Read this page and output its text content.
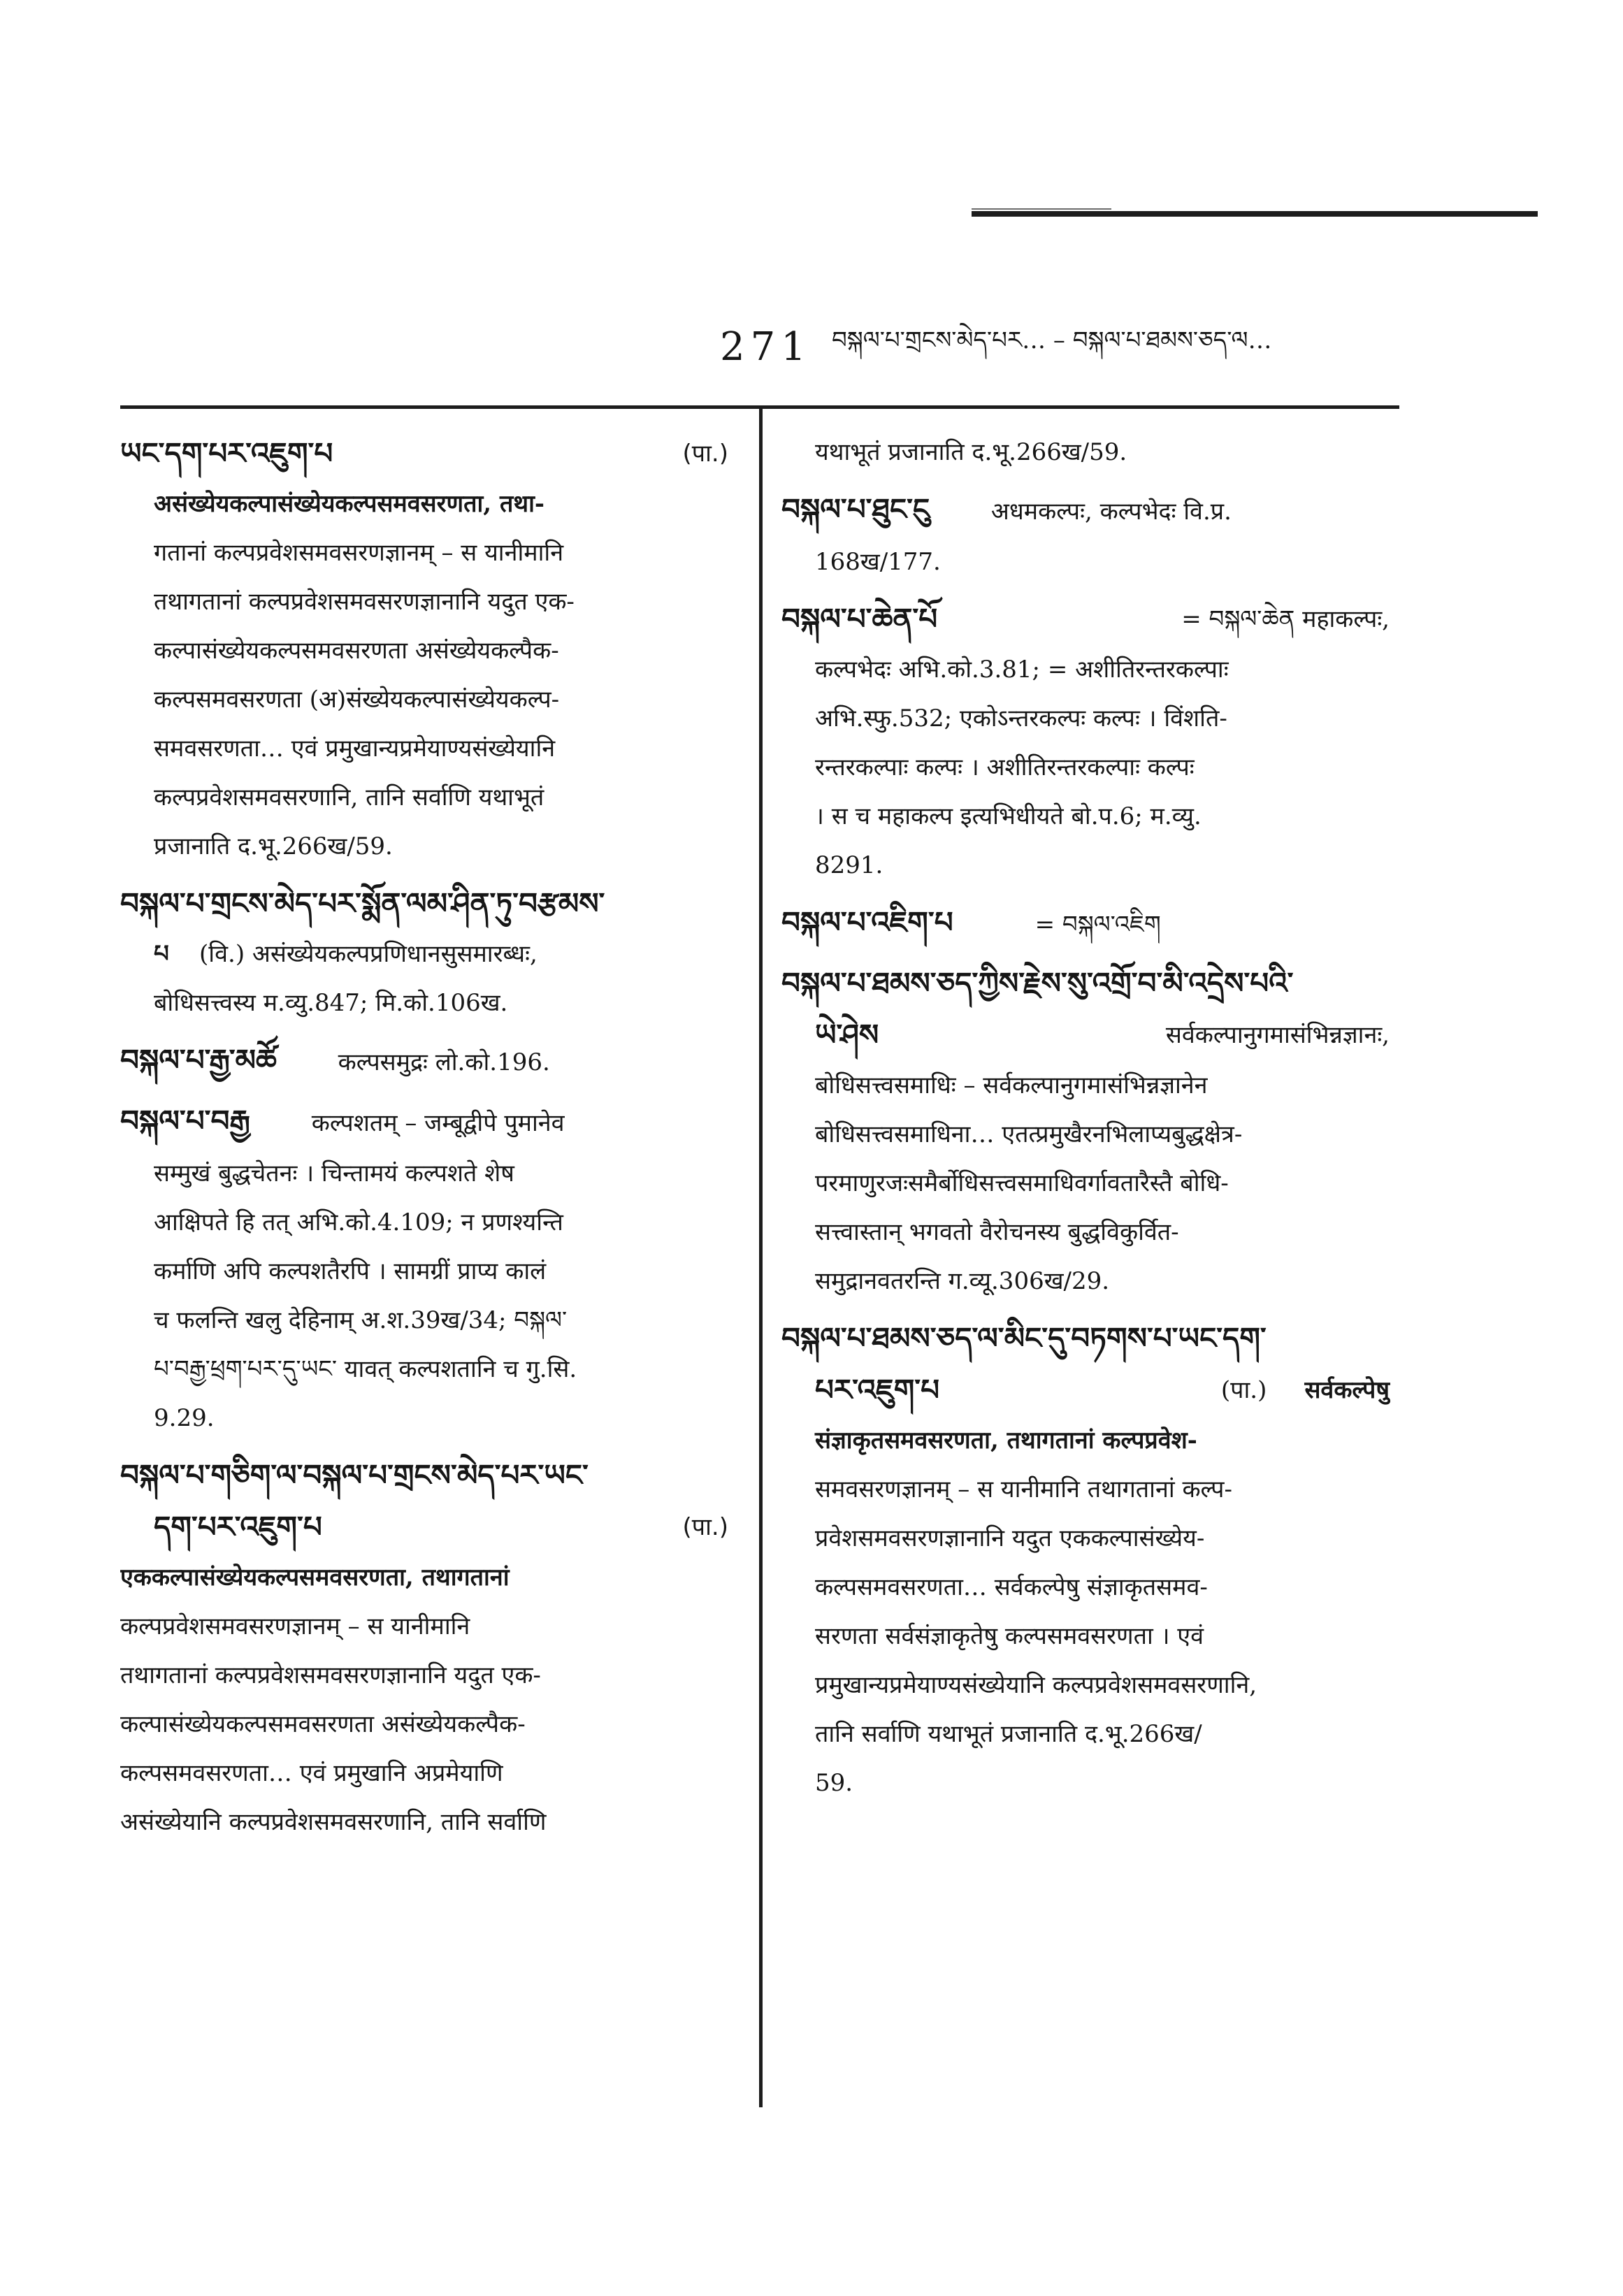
271 བསྐལ་པ་གྲངས་མེད་པར… – བསྐལ་པ་ཐམས་ཅད་ལ…
(पा.)
ཡང་དག་པར་འཇུག་པ
असंख्येयकल्पासंख्येयकल्पसमवसरणता, तथा-
गतानां कल्पप्रवेशसमवसरणज्ञानम् – स यानीमानि
तथागतानां कल्पप्रवेशसमवसरणज्ञानानि यदुत एक-
कल्पासंख्येयकल्पसमवसरणता असंख्येयकल्पैक-
कल्पसमवसरणता (अ)संख्येयकल्पासंख्येयकल्प-
समवसरणता… एवं प्रमुखान्यप्रमेयाण्यसंख्येयानि
कल्पप्रवेशसमवसरणानि, तानि सर्वाणि यथाभूतं
प्रजानाति द.भू.266ख/59.
བསྐལ་པ་གྲངས་མེད་པར་སྨོན་ལམ་ཤིན་ཏུ་བརྩམས་
པ (वि.) असंख्येयकल्पप्रणिधानसुसमारब्धः,
बोधिसत्त्वस्य म.व्यु.847; मि.को.106ख.
བསྐལ་པ་རྒྱ་མཚོ	कल्पसमुद्रः लो.को.196.
བསྐལ་པ་བརྒྱ	कल्पशतम् – जम्बूद्वीपे पुमानेव
सम्मुखं बुद्धचेतनः । चिन्तामयं कल्पशते शेष
आक्षिपते हि तत् अभि.को.4.109; न प्रणश्यन्ति
कर्माणि अपि कल्पशतैरपि । सामग्रीं प्राप्य कालं
च फलन्ति खलु देहिनाम् अ.श.39ख/34; བསྐལ་
པ་བརྒྱ་ཕྲག་པར་དུ་ཡང་ यावत् कल्पशतानि च गु.सि.
9.29.
བསྐལ་པ་གཅིག་ལ་བསྐལ་པ་གྲངས་མེད་པར་ཡང་
(पा.)
དག་པར་འཇུག་པ
एककल्पासंख्येयकल्पसमवसरणता, तथागतानां
कल्पप्रवेशसमवसरणज्ञानम् – स यानीमानि
तथागतानां कल्पप्रवेशसमवसरणज्ञानानि यदुत एक-
कल्पासंख्येयकल्पसमवसरणता असंख्येयकल्पैक-
कल्पसमवसरणता… एवं प्रमुखानि अप्रमेयाणि
असंख्येयानि कल्पप्रवेशसमवसरणानि, तानि सर्वाणि
यथाभूतं प्रजानाति द.भू.266ख/59.
བསྐལ་པ་ཐུང་ངུ	अधमकल्पः, कल्पभेदः वि.प्र.
168ख/177.
བསྐལ་པ་ཆེན་པོ	= བསྐལ་ཆེན महाकल्पः,
कल्पभेदः अभि.को.3.81; = अशीतिरन्तरकल्पाः
अभि.स्फु.532; एकोऽन्तरकल्पः कल्पः । विंशति-
रन्तरकल्पाः कल्पः । अशीतिरन्तरकल्पाः कल्पः
। स च महाकल्प इत्यभिधीयते बो.प.6; म.व्यु.
8291.
བསྐལ་པ་འཇིག་པ	= བསྐལ་འཇིག
བསྐལ་པ་ཐམས་ཅད་ཀྱིས་རྗེས་སུ་འགྲོ་བ་མི་འདྲེས་པའི་
ཡེ་ཤེས	सर्वकल्पानुगमासंभिन्नज्ञानः,
बोधिसत्त्वसमाधिः – सर्वकल्पानुगमासंभिन्नज्ञानेन
बोधिसत्त्वसमाधिना… एतत्प्रमुखैरनभिलाप्यबुद्धक्षेत्र-
परमाणुरजःसमैर्बोधिसत्त्वसमाधिवर्गावतारैस्तै बोधि-
सत्त्वास्तान् भगवतो वैरोचनस्य बुद्धविकुर्वित-
समुद्रानवतरन्ति ग.व्यू.306ख/29.
བསྐལ་པ་ཐམས་ཅད་ལ་མིང་དུ་བཏགས་པ་ཡང་དག་
པར་འཇུག་པ	(पा.) सर्वकल्पेषु
संज्ञाकृतसमवसरणता, तथागतानां कल्पप्रवेश-
समवसरणज्ञानम् – स यानीमानि तथागतानां कल्प-
प्रवेशसमवसरणज्ञानानि यदुत एककल्पासंख्येय-
कल्पसमवसरणता… सर्वकल्पेषु संज्ञाकृतसमव-
सरणता सर्वसंज्ञाकृतेषु कल्पसमवसरणता । एवं
प्रमुखान्यप्रमेयाण्यसंख्येयानि कल्पप्रवेशसमवसरणानि,
तानि सर्वाणि यथाभूतं प्रजानाति द.भू.266ख/
59.
